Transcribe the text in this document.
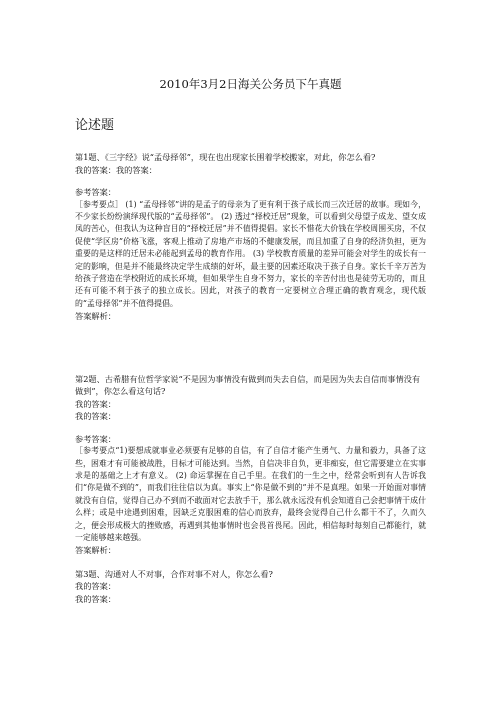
2010年3月2日海关公务员下午真题
论述题

第1题、《三字经》说“孟母择邻”，现在也出现家长围着学校搬家，对此，你怎么看?

我的答案：我的答案：

参考答案：

［参考要点］ (1) “孟母择邻”讲的是孟子的母亲为了更有利于孩子成长而三次迁居的故事。现如今，不少家长纷纷演绎现代版的“孟母择邻”。 (2) 透过“择校迁居”现象，可以看到父母望子成龙、望女成凤的苦心，但我认为这种盲目的“择校迁居”并不值得提倡。家长不惜花大价钱在学校周围买房，不仅促使“学区房”价格飞涨，客观上推动了房地产市场的不健康发展，而且加重了自身的经济负担，更为重要的是这样的迁居未必能起到孟母的教育作用。 (3) 学校教育质量的差异可能会对学生的成长有一定的影响，但是并不能最终决定学生成绩的好坏，最主要的因素还取决于孩子自身。家长千辛万苦为给孩子营造在学校附近的成长环境，但如果学生自身不努力，家长的辛苦付出也是徒劳无功的，而且还有可能不利于孩子的独立成长。因此，对孩子的教育一定要树立合理正确的教育观念，现代版的“孟母择邻”并不值得提倡。

答案解析：

第2题、古希腊有位哲学家说“不是因为事情没有做到而失去自信，而是因为失去自信而事情没有做到”，你怎么看这句话?

我的答案：

我的答案：

参考答案：

［参考要点“1)要想成就事业必须要有足够的自信，有了自信才能产生勇气、力量和毅力，具备了这些，困难才有可能被战胜，目标才可能达到。当然，自信决非自负，更非痴妄，但它需要建立在实事求是的基础之上才有意义。 (2) 命运掌握在自己手里。在我们的一生之中，经常会听到有人告诉我们“你是做不到的”，而我们往往信以为真。事实上“你是做不到的”并不是真理。如果一开始面对事情就没有自信，觉得自己办不到而不敢面对它去放手干，那么就永远没有机会知道自己会把事情干成什么样；或是中途遇到困难，因缺乏克服困难的信心而放弃，最终会觉得自己什么都干不了，久而久之，便会形成极大的挫败感，再遇到其他事情时也会畏首畏尾。因此，相信每时每刻自己都能行，就一定能够越来越强。

答案解析：

第3题、沟通对人不对事，合作对事不对人，你怎么看?

我的答案：

我的答案：
